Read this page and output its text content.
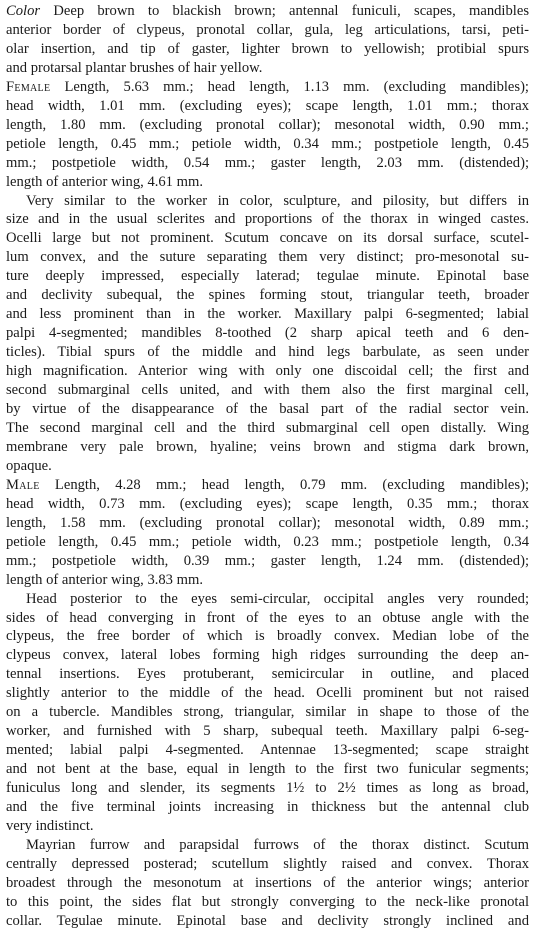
Color Deep brown to blackish brown; antennal funiculi, scapes, mandibles
anterior border of clypeus, pronotal collar, gula, leg articulations, tarsi, peti-
olar insertion, and tip of gaster, lighter brown to yellowish; protibial spurs
and protarsal plantar brushes of hair yellow.
Female Length, 5.63 mm.; head length, 1.13 mm. (excluding mandibles);
head width, 1.01 mm. (excluding eyes); scape length, 1.01 mm.; thorax
length, 1.80 mm. (excluding pronotal collar); mesonotal width, 0.90 mm.;
petiole length, 0.45 mm.; petiole width, 0.34 mm.; postpetiole length, 0.45
mm.; postpetiole width, 0.54 mm.; gaster length, 2.03 mm. (distended);
length of anterior wing, 4.61 mm.
Very similar to the worker in color, sculpture, and pilosity, but differs in
size and in the usual sclerites and proportions of the thorax in winged castes.
Ocelli large but not prominent. Scutum concave on its dorsal surface, scutel-
lum convex, and the suture separating them very distinct; pro-mesonotal su-
ture deeply impressed, especially laterad; tegulae minute. Epinotal base
and declivity subequal, the spines forming stout, triangular teeth, broader
and less prominent than in the worker. Maxillary palpi 6-segmented; labial
palpi 4-segmented; mandibles 8-toothed (2 sharp apical teeth and 6 den-
ticles). Tibial spurs of the middle and hind legs barbulate, as seen under
high magnification. Anterior wing with only one discoidal cell; the first and
second submarginal cells united, and with them also the first marginal cell,
by virtue of the disappearance of the basal part of the radial sector vein.
The second marginal cell and the third submarginal cell open distally. Wing
membrane very pale brown, hyaline; veins brown and stigma dark brown,
opaque.
Male Length, 4.28 mm.; head length, 0.79 mm. (excluding mandibles);
head width, 0.73 mm. (excluding eyes); scape length, 0.35 mm.; thorax
length, 1.58 mm. (excluding pronotal collar); mesonotal width, 0.89 mm.;
petiole length, 0.45 mm.; petiole width, 0.23 mm.; postpetiole length, 0.34
mm.; postpetiole width, 0.39 mm.; gaster length, 1.24 mm. (distended);
length of anterior wing, 3.83 mm.
Head posterior to the eyes semi-circular, occipital angles very rounded;
sides of head converging in front of the eyes to an obtuse angle with the
clypeus, the free border of which is broadly convex. Median lobe of the
clypeus convex, lateral lobes forming high ridges surrounding the deep an-
tennal insertions. Eyes protuberant, semicircular in outline, and placed
slightly anterior to the middle of the head. Ocelli prominent but not raised
on a tubercle. Mandibles strong, triangular, similar in shape to those of the
worker, and furnished with 5 sharp, subequal teeth. Maxillary palpi 6-seg-
mented; labial palpi 4-segmented. Antennae 13-segmented; scape straight
and not bent at the base, equal in length to the first two funicular segments;
funiculus long and slender, its segments 1½ to 2½ times as long as broad,
and the five terminal joints increasing in thickness but the antennal club
very indistinct.
Mayrian furrow and parapsidal furrows of the thorax distinct. Scutum
centrally depressed posterad; scutellum slightly raised and convex. Thorax
broadest through the mesonotum at insertions of the anterior wings; anterior
to this point, the sides flat but strongly converging to the neck-like pronotal
collar. Tegulae minute. Epinotal base and declivity strongly inclined and
